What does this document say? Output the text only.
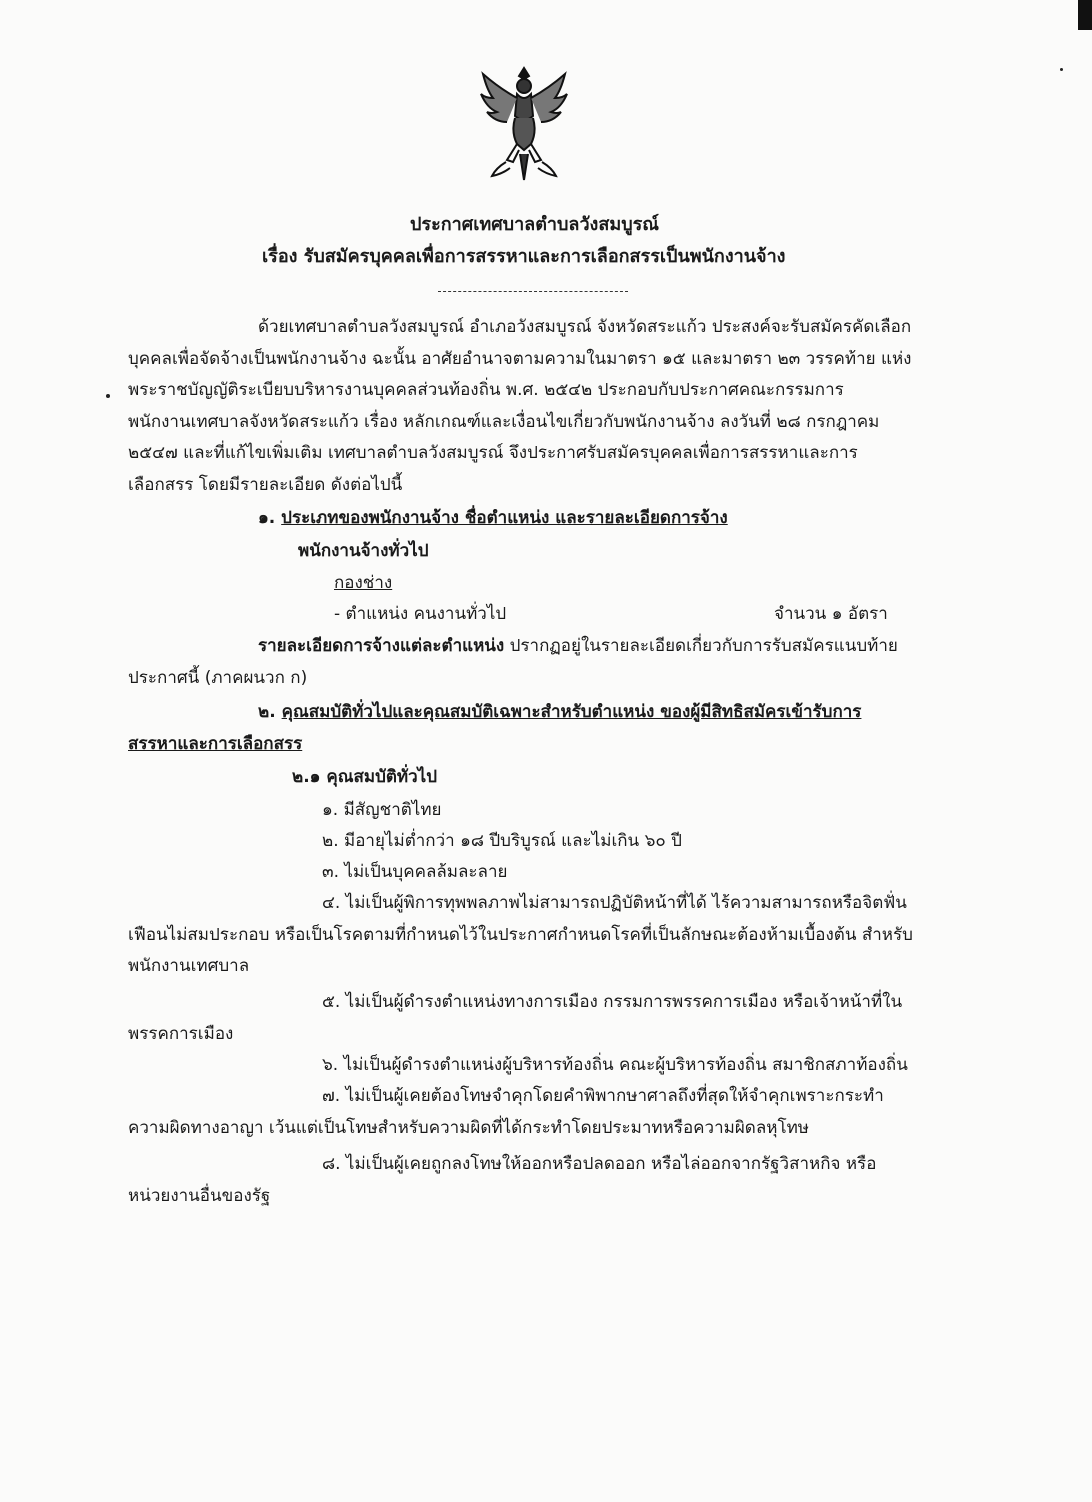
ประกาศเทศบาลตำบลวังสมบูรณ์
เรื่อง รับสมัครบุคคลเพื่อการสรรหาและการเลือกสรรเป็นพนักงานจ้าง
ด้วยเทศบาลตำบลวังสมบูรณ์ อำเภอวังสมบูรณ์ จังหวัดสระแก้ว ประสงค์จะรับสมัครคัดเลือก
บุคคลเพื่อจัดจ้างเป็นพนักงานจ้าง ฉะนั้น อาศัยอำนาจตามความในมาตรา ๑๕ และมาตรา ๒๓ วรรคท้าย แห่ง
พระราชบัญญัติระเบียบบริหารงานบุคคลส่วนท้องถิ่น พ.ศ. ๒๕๔๒ ประกอบกับประกาศคณะกรรมการ
พนักงานเทศบาลจังหวัดสระแก้ว เรื่อง หลักเกณฑ์และเงื่อนไขเกี่ยวกับพนักงานจ้าง ลงวันที่ ๒๘ กรกฎาคม
๒๕๔๗ และที่แก้ไขเพิ่มเติม เทศบาลตำบลวังสมบูรณ์ จึงประกาศรับสมัครบุคคลเพื่อการสรรหาและการ
เลือกสรร โดยมีรายละเอียด ดังต่อไปนี้
๑. ประเภทของพนักงานจ้าง ชื่อตำแหน่ง และรายละเอียดการจ้าง
พนักงานจ้างทั่วไป
กองช่าง
- ตำแหน่ง คนงานทั่วไป	จำนวน ๑ อัตรา
รายละเอียดการจ้างแต่ละตำแหน่ง ปรากฏอยู่ในรายละเอียดเกี่ยวกับการรับสมัครแนบท้าย
ประกาศนี้ (ภาคผนวก ก)
๒. คุณสมบัติทั่วไปและคุณสมบัติเฉพาะสำหรับตำแหน่ง ของผู้มีสิทธิสมัครเข้ารับการ
สรรหาและการเลือกสรร
๒.๑ คุณสมบัติทั่วไป
๑. มีสัญชาติไทย
๒. มีอายุไม่ต่ำกว่า ๑๘ ปีบริบูรณ์ และไม่เกิน ๖๐ ปี
๓. ไม่เป็นบุคคลล้มละลาย
๔. ไม่เป็นผู้พิการทุพพลภาพไม่สามารถปฏิบัติหน้าที่ได้ ไร้ความสามารถหรือจิตฟั่น
เฟือนไม่สมประกอบ หรือเป็นโรคตามที่กำหนดไว้ในประกาศกำหนดโรคที่เป็นลักษณะต้องห้ามเบื้องต้น สำหรับ
พนักงานเทศบาล
๕. ไม่เป็นผู้ดำรงตำแหน่งทางการเมือง กรรมการพรรคการเมือง หรือเจ้าหน้าที่ใน
พรรคการเมือง
๖. ไม่เป็นผู้ดำรงตำแหน่งผู้บริหารท้องถิ่น คณะผู้บริหารท้องถิ่น สมาชิกสภาท้องถิ่น
๗. ไม่เป็นผู้เคยต้องโทษจำคุกโดยคำพิพากษาศาลถึงที่สุดให้จำคุกเพราะกระทำ
ความผิดทางอาญา เว้นแต่เป็นโทษสำหรับความผิดที่ได้กระทำโดยประมาทหรือความผิดลหุโทษ
๘. ไม่เป็นผู้เคยถูกลงโทษให้ออกหรือปลดออก หรือไล่ออกจากรัฐวิสาหกิจ หรือ
หน่วยงานอื่นของรัฐ
